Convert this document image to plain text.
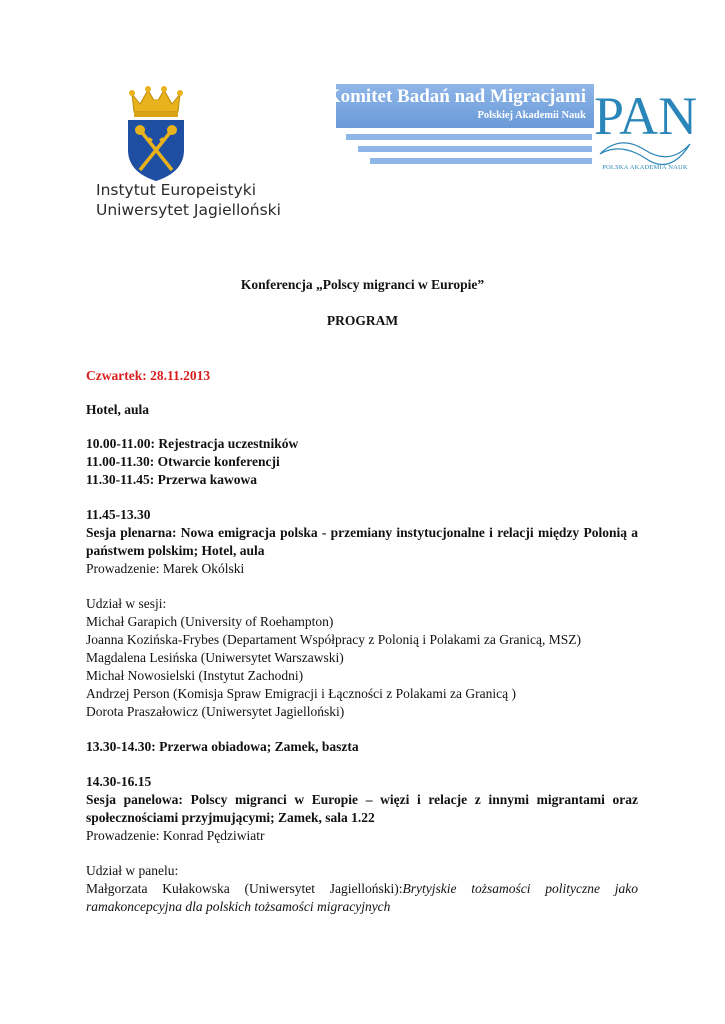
Instytut Europeistyki
Uniwersytet Jagielloński
Komitet Badań nad Migracjami
Polskiej Akademii Nauk PAN
POLSKA AKADEMIA NAUK
Konferencja „Polscy migranci w Europie”
PROGRAM
Czwartek: 28.11.2013
Hotel, aula
10.00-11.00: Rejestracja uczestników
11.00-11.30: Otwarcie konferencji
11.30-11.45: Przerwa kawowa
11.45-13.30
Sesja plenarna: Nowa emigracja polska - przemiany instytucjonalne i relacji między Polonią a państwem polskim; Hotel, aula
Prowadzenie: Marek Okólski
Udział w sesji:
Michał Garapich (University of Roehampton)
Joanna Kozińska-Frybes (Departament Współpracy z Polonią i Polakami za Granicą, MSZ)
Magdalena Lesińska (Uniwersytet Warszawski)
Michał Nowosielski (Instytut Zachodni)
Andrzej Person (Komisja Spraw Emigracji i Łączności z Polakami za Granicą )
Dorota Praszałowicz (Uniwersytet Jagielloński)
13.30-14.30: Przerwa obiadowa; Zamek, baszta
14.30-16.15
Sesja panelowa: Polscy migranci w Europie – więzi i relacje z innymi migrantami oraz społecznościami przyjmującymi; Zamek, sala 1.22
Prowadzenie: Konrad Pędziwiatr
Udział w panelu:
Małgorzata Kułakowska (Uniwersytet Jagielloński):Brytyjskie tożsamości polityczne jako ramakoncepcyjna dla polskich tożsamości migracyjnych
